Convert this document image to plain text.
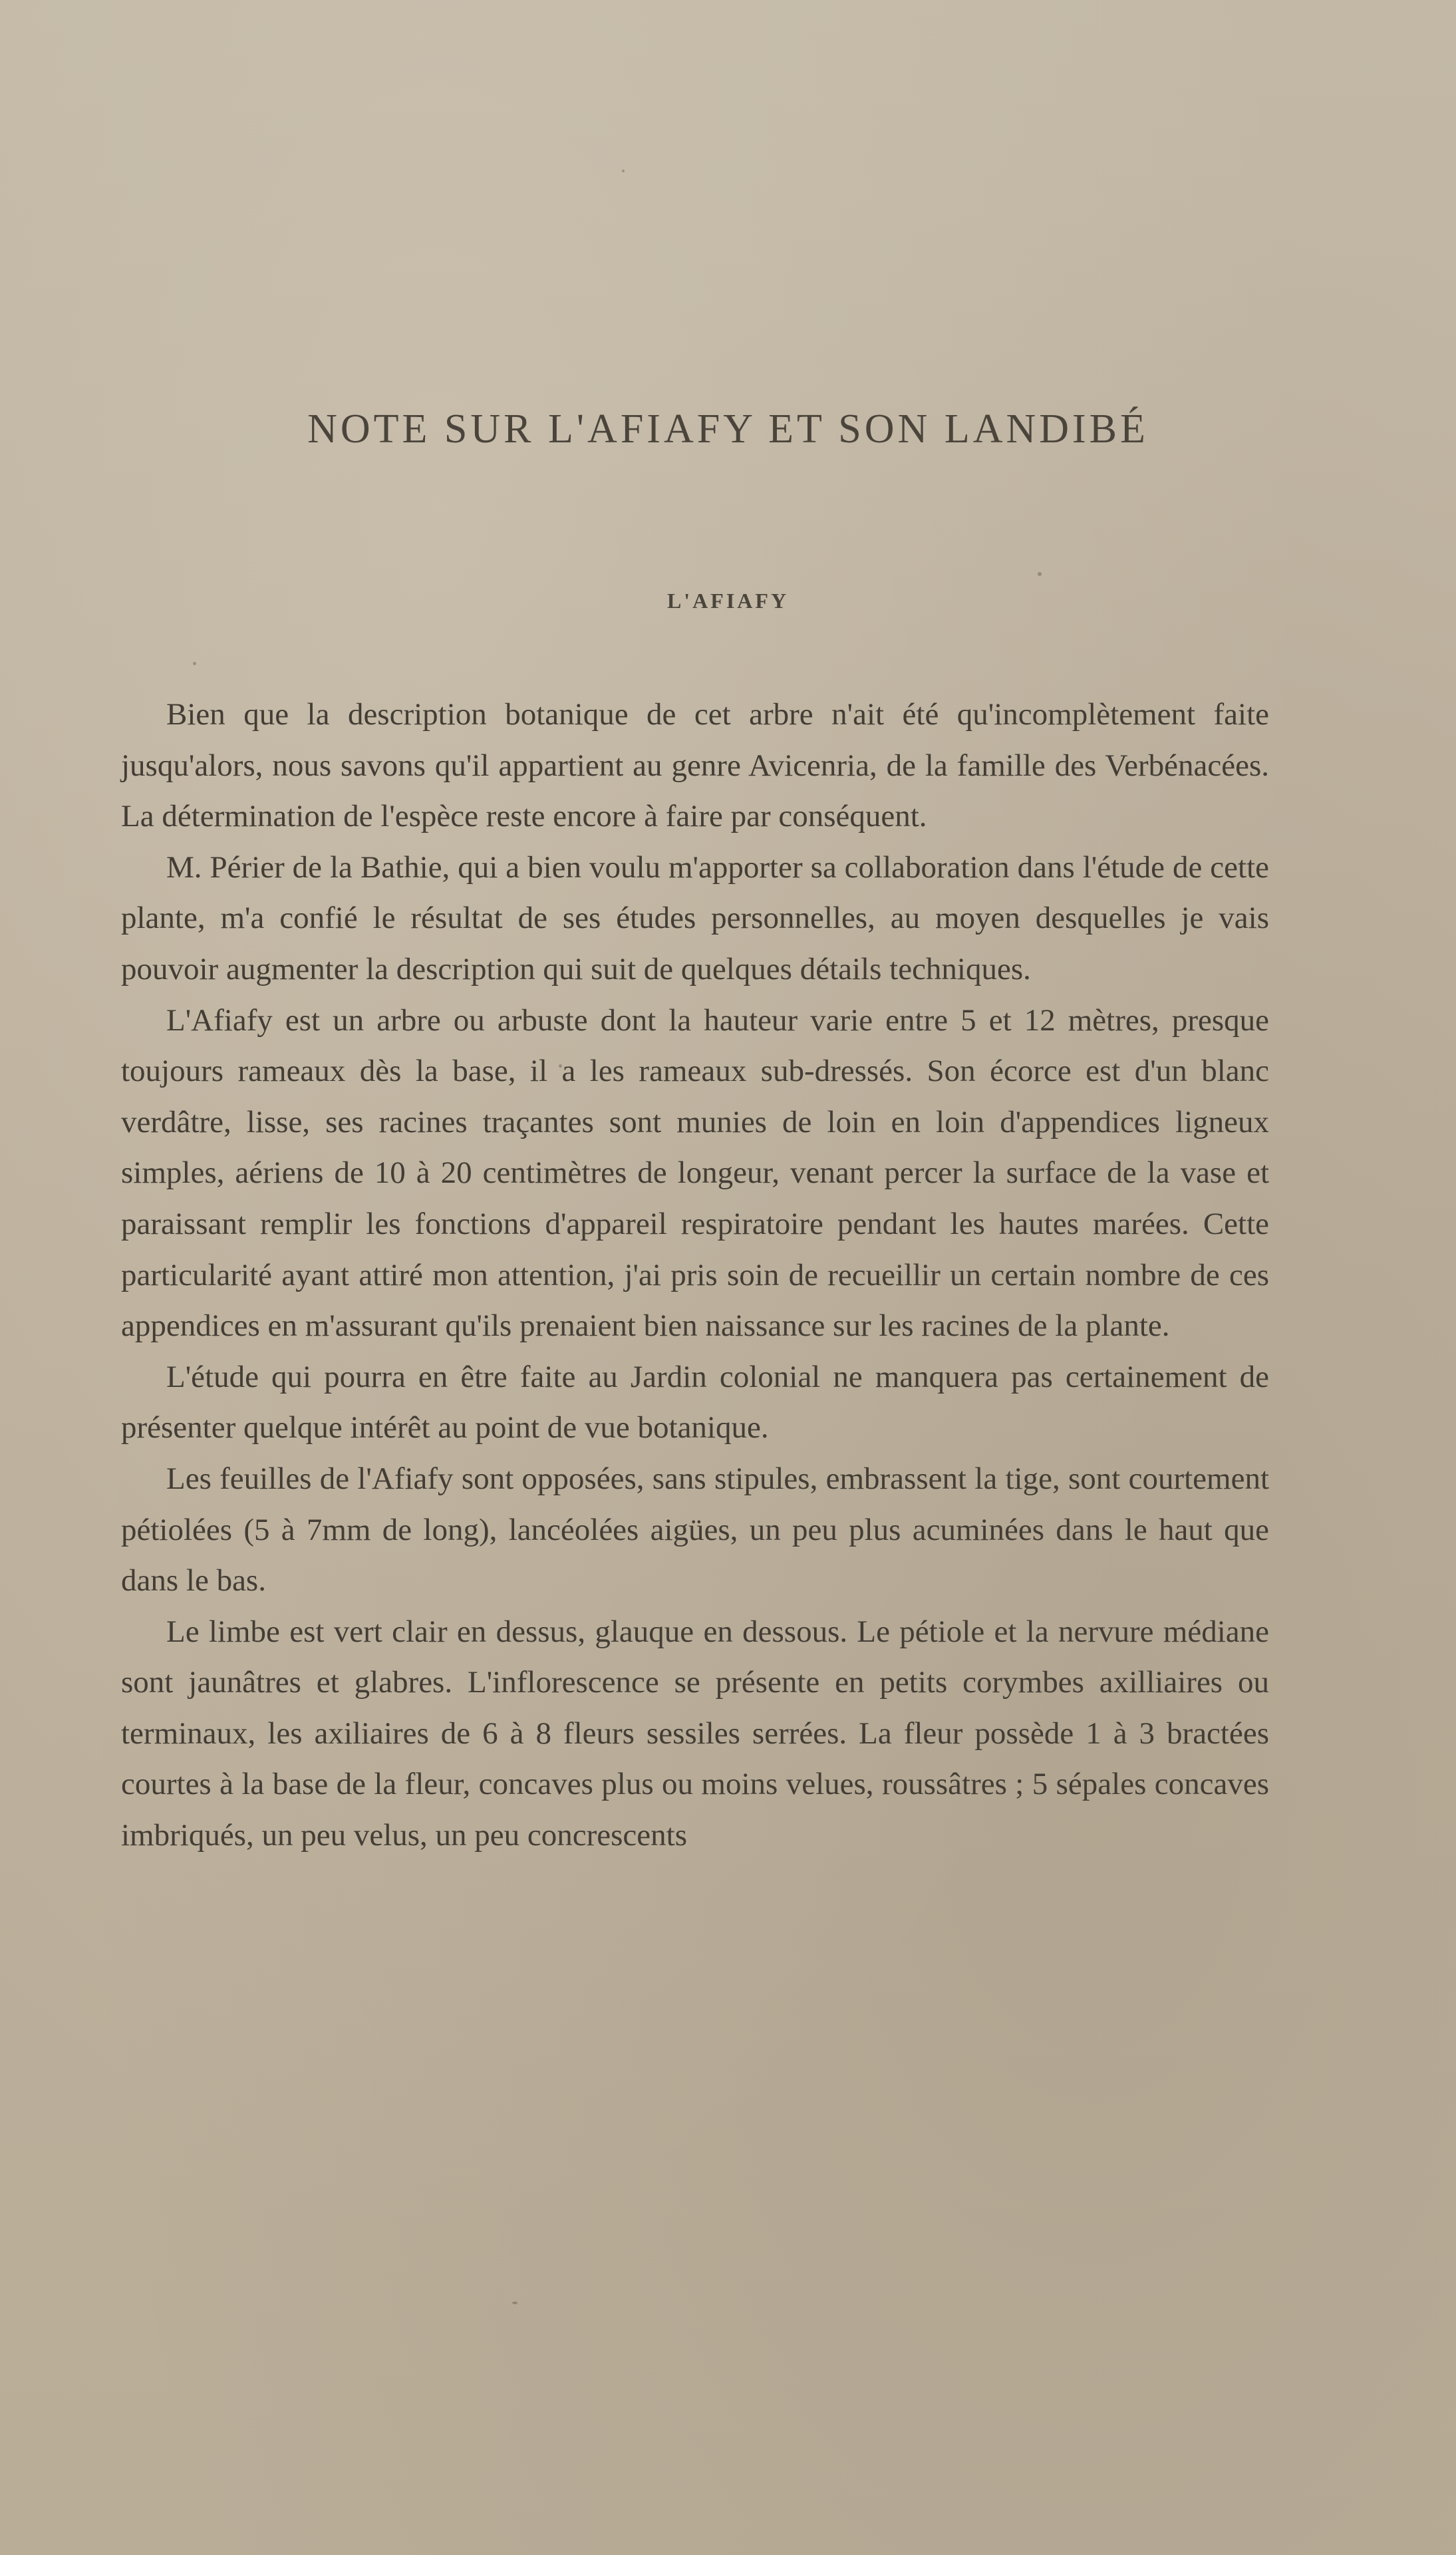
NOTE SUR L'AFIAFY ET SON LANDIBÉ
L'AFIAFY

Bien que la description botanique de cet arbre n'ait été qu'incomplètement faite jusqu'alors, nous savons qu'il appartient au genre Avicenria, de la famille des Verbénacées. La détermination de l'espèce reste encore à faire par conséquent.

M. Périer de la Bathie, qui a bien voulu m'apporter sa collaboration dans l'étude de cette plante, m'a confié le résultat de ses études personnelles, au moyen desquelles je vais pouvoir augmenter la description qui suit de quelques détails techniques.

L'Afiafy est un arbre ou arbuste dont la hauteur varie entre 5 et 12 mètres, presque toujours rameaux dès la base, il a les rameaux sub-dressés. Son écorce est d'un blanc verdâtre, lisse, ses racines traçantes sont munies de loin en loin d'appendices ligneux simples, aériens de 10 à 20 centimètres de longeur, venant percer la surface de la vase et paraissant remplir les fonctions d'appareil respiratoire pendant les hautes marées. Cette particularité ayant attiré mon attention, j'ai pris soin de recueillir un certain nombre de ces appendices en m'assurant qu'ils prenaient bien naissance sur les racines de la plante.

L'étude qui pourra en être faite au Jardin colonial ne manquera pas certainement de présenter quelque intérêt au point de vue botanique.

Les feuilles de l'Afiafy sont opposées, sans stipules, embrassent la tige, sont courtement pétiolées (5 à 7mm de long), lancéolées aigües, un peu plus acuminées dans le haut que dans le bas.

Le limbe est vert clair en dessus, glauque en dessous. Le pétiole et la nervure médiane sont jaunâtres et glabres. L'inflorescence se présente en petits corymbes axilliaires ou terminaux, les axiliaires de 6 à 8 fleurs sessiles serrées. La fleur possède 1 à 3 bractées courtes à la base de la fleur, concaves plus ou moins velues, roussâtres ; 5 sépales concaves imbriqués, un peu velus, un peu concrescents
